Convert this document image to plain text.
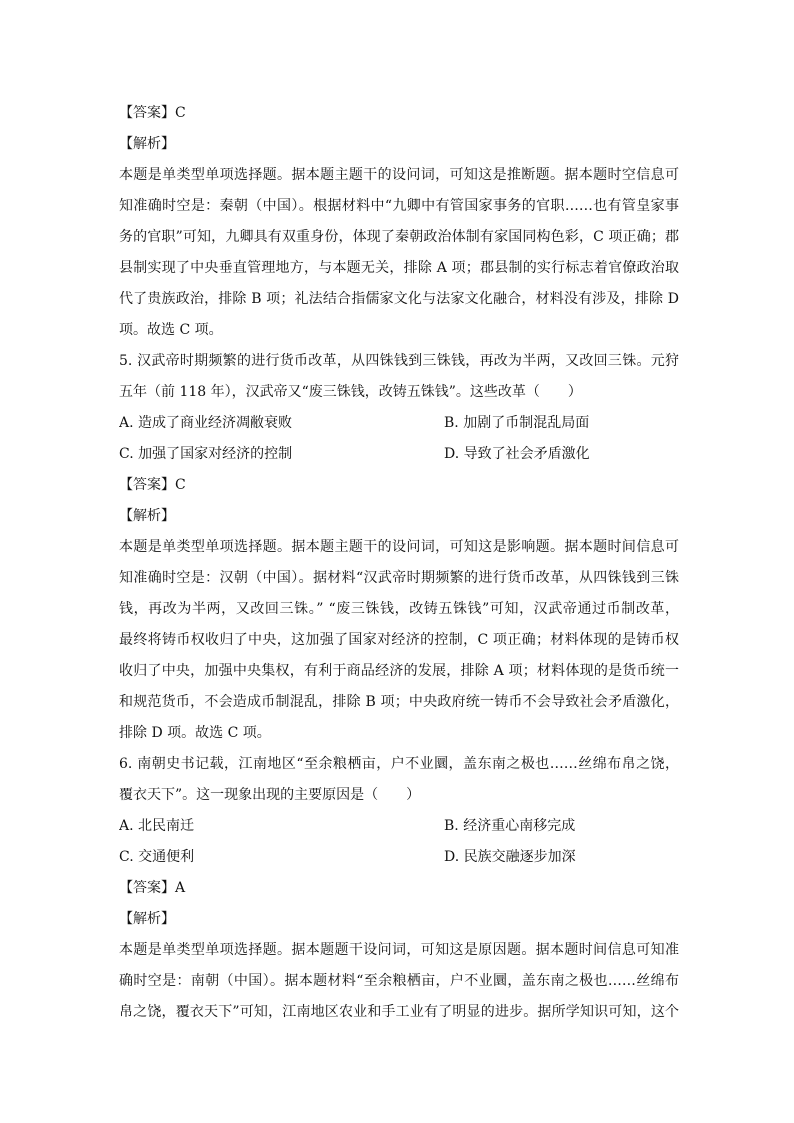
【答案】C
【解析】
本题是单类型单项选择题。据本题主题干的设问词，可知这是推断题。据本题时空信息可
知准确时空是：秦朝（中国）。根据材料中“九卿中有管国家事务的官职……也有管皇家事
务的官职”可知，九卿具有双重身份，体现了秦朝政治体制有家国同构色彩，C 项正确；郡
县制实现了中央垂直管理地方，与本题无关，排除 A 项；郡县制的实行标志着官僚政治取
代了贵族政治，排除 B 项；礼法结合指儒家文化与法家文化融合，材料没有涉及，排除 D
项。故选 C 项。
5. 汉武帝时期频繁的进行货币改革，从四铢钱到三铢钱，再改为半两，又改回三铢。元狩
五年（前 118 年），汉武帝又“废三铢钱，改铸五铢钱”。这些改革（　　）
A. 造成了商业经济凋敝衰败	B. 加剧了币制混乱局面
C. 加强了国家对经济的控制	D. 导致了社会矛盾激化
【答案】C
【解析】
本题是单类型单项选择题。据本题主题干的设问词，可知这是影响题。据本题时间信息可
知准确时空是：汉朝（中国）。据材料“汉武帝时期频繁的进行货币改革，从四铢钱到三铢
钱，再改为半两，又改回三铢。” “废三铢钱，改铸五铢钱”可知，汉武帝通过币制改革，
最终将铸币权收归了中央，这加强了国家对经济的控制，C 项正确；材料体现的是铸币权
收归了中央，加强中央集权，有利于商品经济的发展，排除 A 项；材料体现的是货币统一
和规范货币，不会造成币制混乱，排除 B 项；中央政府统一铸币不会导致社会矛盾激化，
排除 D 项。故选 C 项。
6. 南朝史书记载，江南地区“至余粮栖亩，户不业圜，盖东南之极也……丝绵布帛之饶，
覆衣天下”。这一现象出现的主要原因是（　　）
A. 北民南迁	B. 经济重心南移完成
C. 交通便利	D. 民族交融逐步加深
【答案】A
【解析】
本题是单类型单项选择题。据本题题干设问词，可知这是原因题。据本题时间信息可知准
确时空是：南朝（中国）。据本题材料“至余粮栖亩，户不业圜，盖东南之极也……丝绵布
帛之饶，覆衣天下”可知，江南地区农业和手工业有了明显的进步。据所学知识可知，这个
